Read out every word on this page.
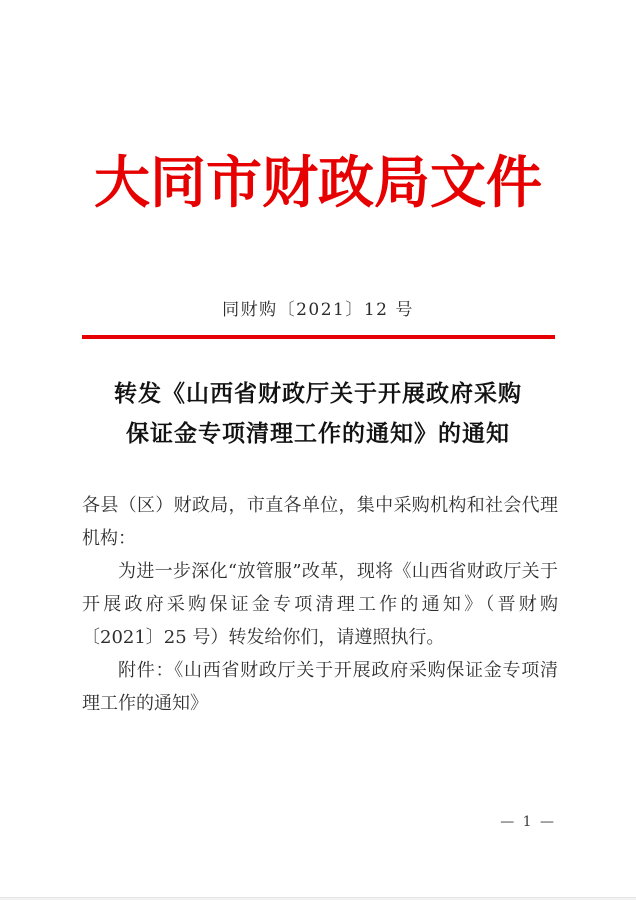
大同市财政局文件
同财购〔2021〕12 号
转发《山西省财政厅关于开展政府采购
保证金专项清理工作的通知》的通知

各县（区）财政局，市直各单位，集中采购机构和社会代理机构：

为进一步深化“放管服”改革，现将《山西省财政厅关于开展政府采购保证金专项清理工作的通知》（晋财购〔2021〕25 号）转发给你们，请遵照执行。

附件：《山西省财政厅关于开展政府采购保证金专项清理工作的通知》

— 1 —
